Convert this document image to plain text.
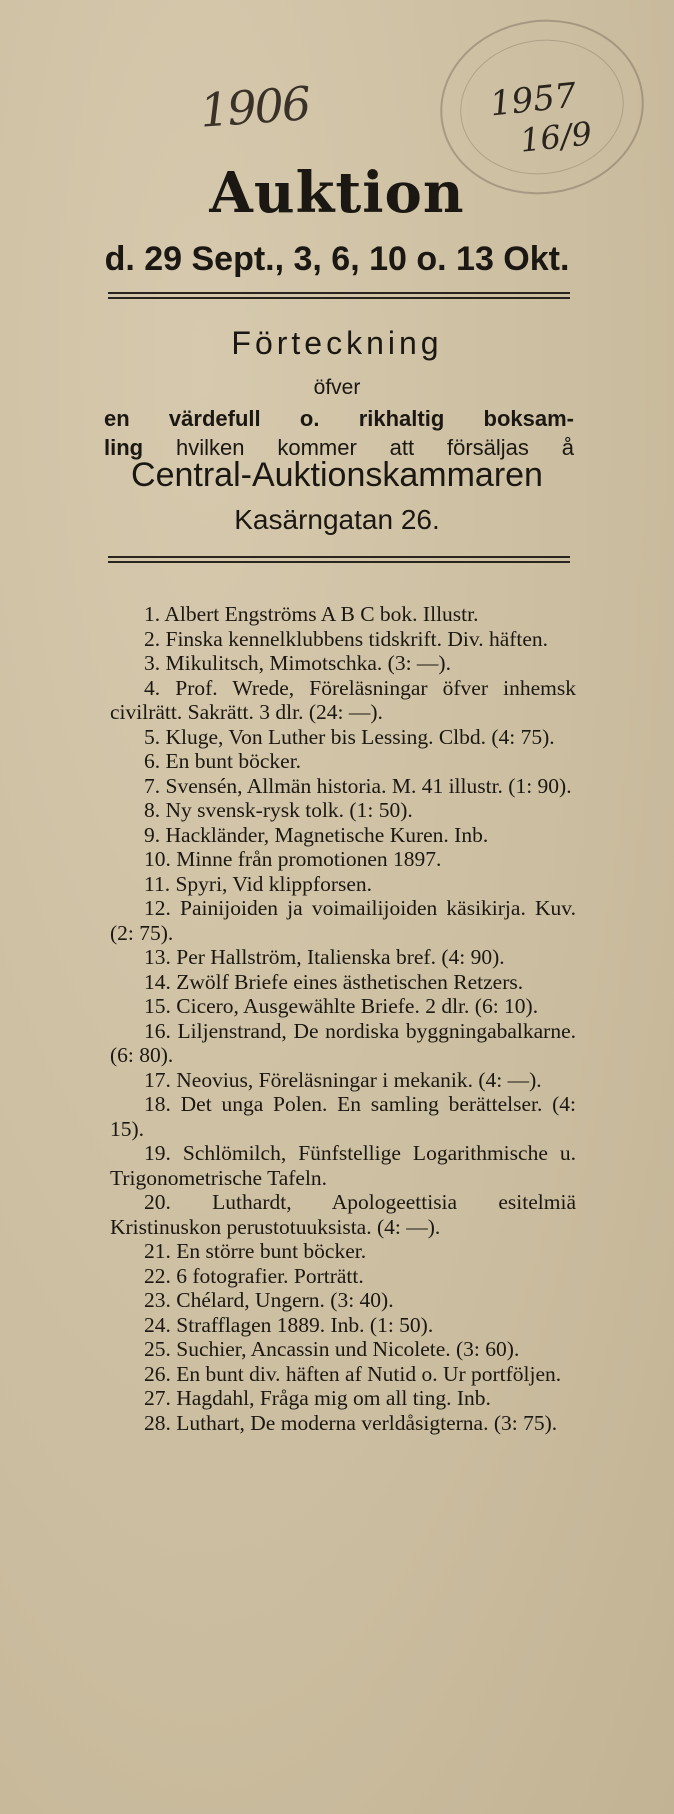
1906	1957
16/9
Auktion
d. 29 Sept., 3, 6, 10 o. 13 Okt.
Förteckning
öfver
en värdefull o. rikhaltig boksam-
ling hvilken kommer att försäljas å
Central-Auktionskammaren
Kasärngatan 26.
1. Albert Engströms A B C bok. Illustr.
2. Finska kennelklubbens tidskrift. Div. häften.
3. Mikulitsch, Mimotschka. (3: —).
4. Prof. Wrede, Föreläsningar öfver inhemsk civilrätt. Sakrätt. 3 dlr. (24: —).
5. Kluge, Von Luther bis Lessing. Clbd. (4: 75).
6. En bunt böcker.
7. Svensén, Allmän historia. M. 41 illustr. (1: 90).
8. Ny svensk-rysk tolk. (1: 50).
9. Hackländer, Magnetische Kuren. Inb.
10. Minne från promotionen 1897.
11. Spyri, Vid klippforsen.
12. Painijoiden ja voimailijoiden käsikirja. Kuv. (2: 75).
13. Per Hallström, Italienska bref. (4: 90).
14. Zwölf Briefe eines ästhetischen Retzers.
15. Cicero, Ausgewählte Briefe. 2 dlr. (6: 10).
16. Liljenstrand, De nordiska byggningabalkarne. (6: 80).
17. Neovius, Föreläsningar i mekanik. (4: —).
18. Det unga Polen. En samling berättelser. (4: 15).
19. Schlömilch, Fünfstellige Logarithmische u. Trigonometrische Tafeln.
20. Luthardt, Apologeettisia esitelmiä Kristinuskon perustotuuksista. (4: —).
21. En större bunt böcker.
22. 6 fotografier. Porträtt.
23. Chélard, Ungern. (3: 40).
24. Strafflagen 1889. Inb. (1: 50).
25. Suchier, Ancassin und Nicolete. (3: 60).
26. En bunt div. häften af Nutid o. Ur portföljen.
27. Hagdahl, Fråga mig om all ting. Inb.
28. Luthart, De moderna verldåsigterna. (3: 75).
